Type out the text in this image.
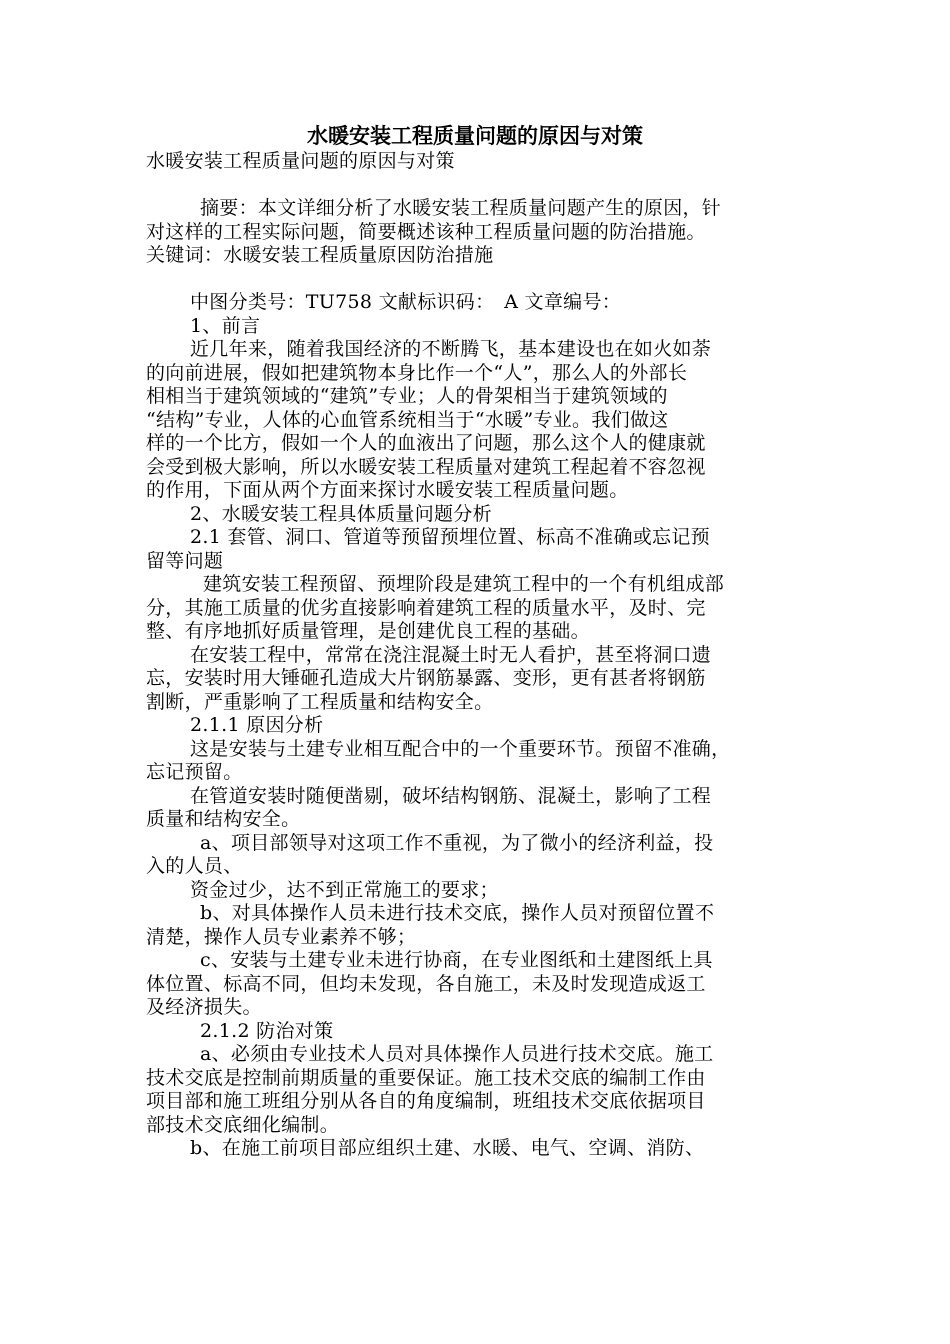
水暖安装工程质量问题的原因与对策
水暖安装工程质量问题的原因与对策
摘要：本文详细分析了水暖安装工程质量问题产生的原因，针
对这样的工程实际问题，简要概述该种工程质量问题的防治措施。
关键词：水暖安装工程质量原因防治措施
中图分类号：TU758 文献标识码：　A 文章编号：
1、前言
近几年来，随着我国经济的不断腾飞，基本建设也在如火如荼
的向前进展，假如把建筑物本身比作一个“人”，那么人的外部长
相相当于建筑领域的“建筑”专业；人的骨架相当于建筑领域的
“结构”专业，人体的心血管系统相当于“水暖”专业。我们做这
样的一个比方，假如一个人的血液出了问题，那么这个人的健康就
会受到极大影响，所以水暖安装工程质量对建筑工程起着不容忽视
的作用，下面从两个方面来探讨水暖安装工程质量问题。
2、水暖安装工程具体质量问题分析
2.1 套管、洞口、管道等预留预埋位置、标高不准确或忘记预
留等问题
建筑安装工程预留、预埋阶段是建筑工程中的一个有机组成部
分，其施工质量的优劣直接影响着建筑工程的质量水平，及时、完
整、有序地抓好质量管理，是创建优良工程的基础。
在安装工程中，常常在浇注混凝土时无人看护，甚至将洞口遗
忘，安装时用大锤砸孔造成大片钢筋暴露、变形，更有甚者将钢筋
割断，严重影响了工程质量和结构安全。
2.1.1 原因分析
这是安装与土建专业相互配合中的一个重要环节。预留不准确，
忘记预留。
在管道安装时随便凿剔，破坏结构钢筋、混凝土，影响了工程
质量和结构安全。
a、项目部领导对这项工作不重视，为了微小的经济利益，投
入的人员、
资金过少，达不到正常施工的要求；
b、对具体操作人员未进行技术交底，操作人员对预留位置不
清楚，操作人员专业素养不够；
c、安装与土建专业未进行协商，在专业图纸和土建图纸上具
体位置、标高不同，但均未发现，各自施工，未及时发现造成返工
及经济损失。
2.1.2 防治对策
a、必须由专业技术人员对具体操作人员进行技术交底。施工
技术交底是控制前期质量的重要保证。施工技术交底的编制工作由
项目部和施工班组分别从各自的角度编制，班组技术交底依据项目
部技术交底细化编制。
b、在施工前项目部应组织土建、水暖、电气、空调、消防、
